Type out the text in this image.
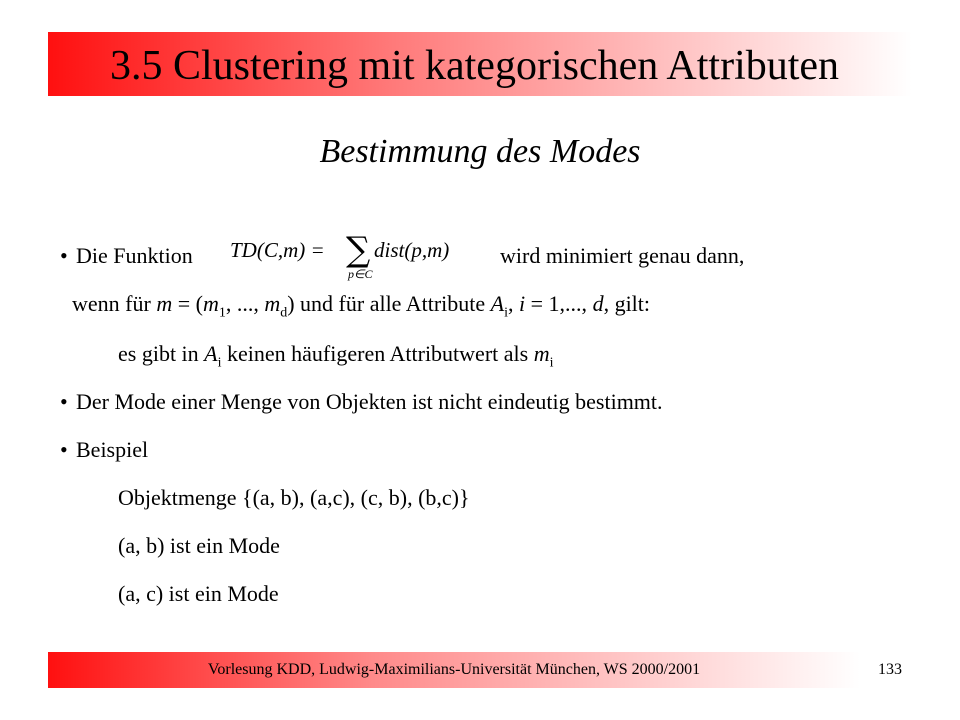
3.5 Clustering mit kategorischen Attributen
Bestimmung des Modes
• Die Funktion TD(C,m) = ∑
p∈C
dist(p,m) wird minimiert genau dann,
wenn für $m = (m_1$, ..., $m_d$) und für alle Attribute $A_i$, i = 1,..., d, gilt:
es gibt in $A_i$ keinen häufigeren Attributwert als $m_i$
• Der Mode einer Menge von Objekten ist nicht eindeutig bestimmt.
• Beispiel
Objektmenge {(a, b), (a,c), (c, b), (b,c)}
(a, b) ist ein Mode
(a, c) ist ein Mode
Vorlesung KDD, Ludwig-Maximilians-Universität München, WS 2000/2001	133
